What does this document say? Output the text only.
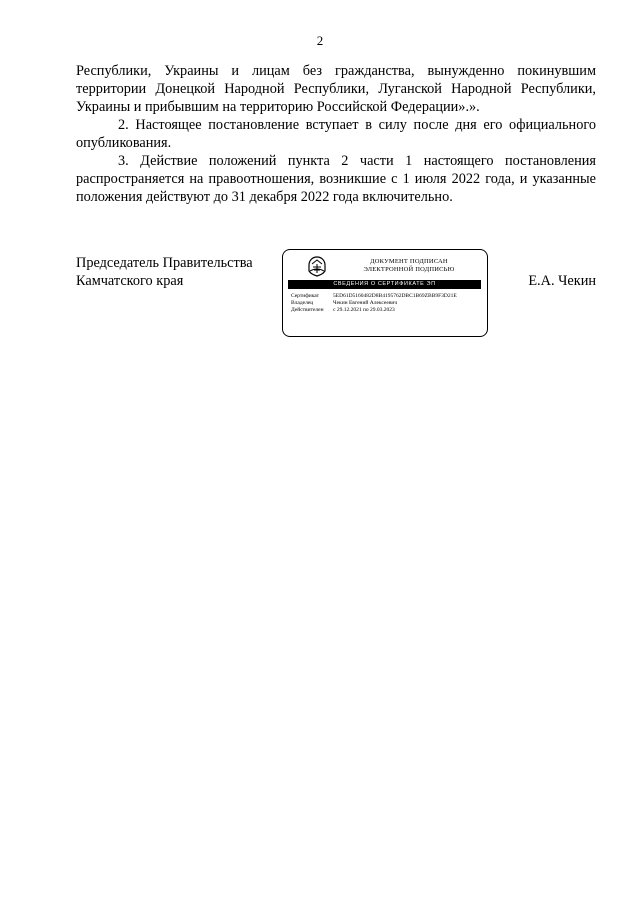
2

Республики, Украины и лицам без гражданства, вынужденно покинувшим территории Донецкой Народной Республики, Луганской Народной Республики, Украины и прибывшим на территорию Российской Федерации».».

2. Настоящее постановление вступает в силу после дня его официального опубликования.

3. Действие положений пункта 2 части 1 настоящего постановления распространяется на правоотношения, возникшие с 1 июля 2022 года, и указанные положения действуют до 31 декабря 2022 года включительно.

Председатель Правительства
Камчатского края
ДОКУМЕНТ ПОДПИСАН
ЭЛЕКТРОННОЙ ПОДПИСЬЮ
СВЕДЕНИЯ О СЕРТИФИКАТЕ ЭП
Сертификат	5ED61D5160482D8B4195762DBC1B69ZBB9F3D21E
Владелец	Чекин Евгений Алексеевич
Действителен	с 29.12.2021 по 29.03.2023
Е.А. Чекин
